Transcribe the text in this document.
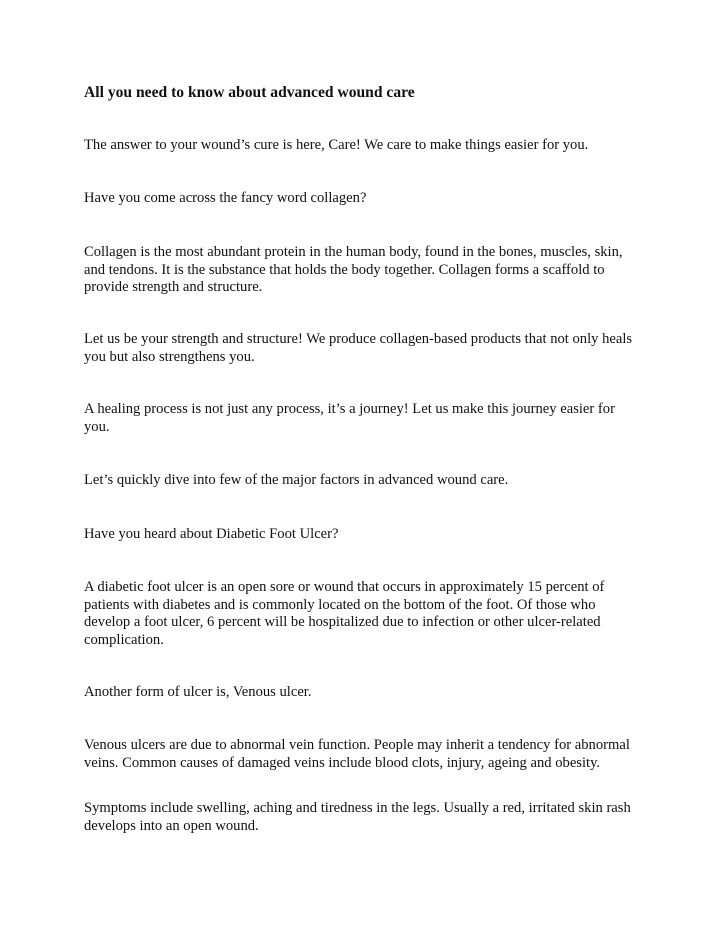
All you need to know about advanced wound care

The answer to your wound’s cure is here, Care! We care to make things easier for you.

Have you come across the fancy word collagen?

Collagen is the most abundant protein in the human body, found in the bones, muscles, skin, and tendons. It is the substance that holds the body together. Collagen forms a scaffold to provide strength and structure.

Let us be your strength and structure! We produce collagen-based products that not only heals you but also strengthens you.

A healing process is not just any process, it’s a journey! Let us make this journey easier for you.

Let’s quickly dive into few of the major factors in advanced wound care.

Have you heard about Diabetic Foot Ulcer?

A diabetic foot ulcer is an open sore or wound that occurs in approximately 15 percent of patients with diabetes and is commonly located on the bottom of the foot. Of those who develop a foot ulcer, 6 percent will be hospitalized due to infection or other ulcer-related complication.

Another form of ulcer is, Venous ulcer.

Venous ulcers are due to abnormal vein function. People may inherit a tendency for abnormal veins. Common causes of damaged veins include blood clots, injury, ageing and obesity.

Symptoms include swelling, aching and tiredness in the legs. Usually a red, irritated skin rash develops into an open wound.
